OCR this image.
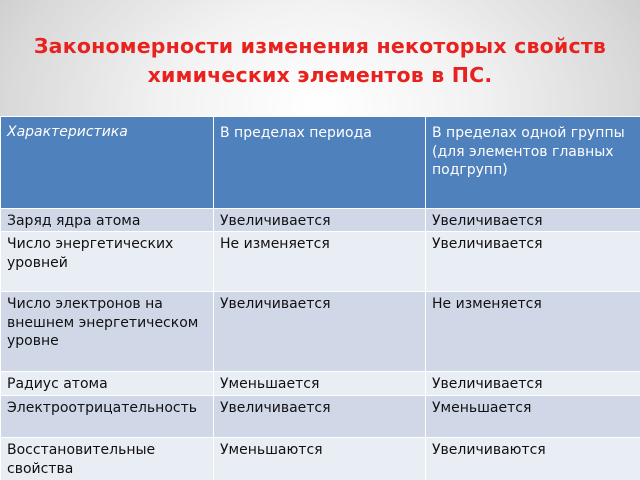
Закономерности изменения некоторых свойств химических элементов в ПС.
Характеристика	В пределах периода	В пределах одной группы (для элементов главных подгрупп)
Заряд ядра атома	Увеличивается	Увеличивается
Число энергетических уровней	Не изменяется	Увеличивается
Число электронов на внешнем энергетическом уровне	Увеличивается	Не изменяется
Радиус атома	Уменьшается	Увеличивается
Электроотрицательность	Увеличивается	Уменьшается
Восстановительные свойства	Уменьшаются	Увеличиваются
